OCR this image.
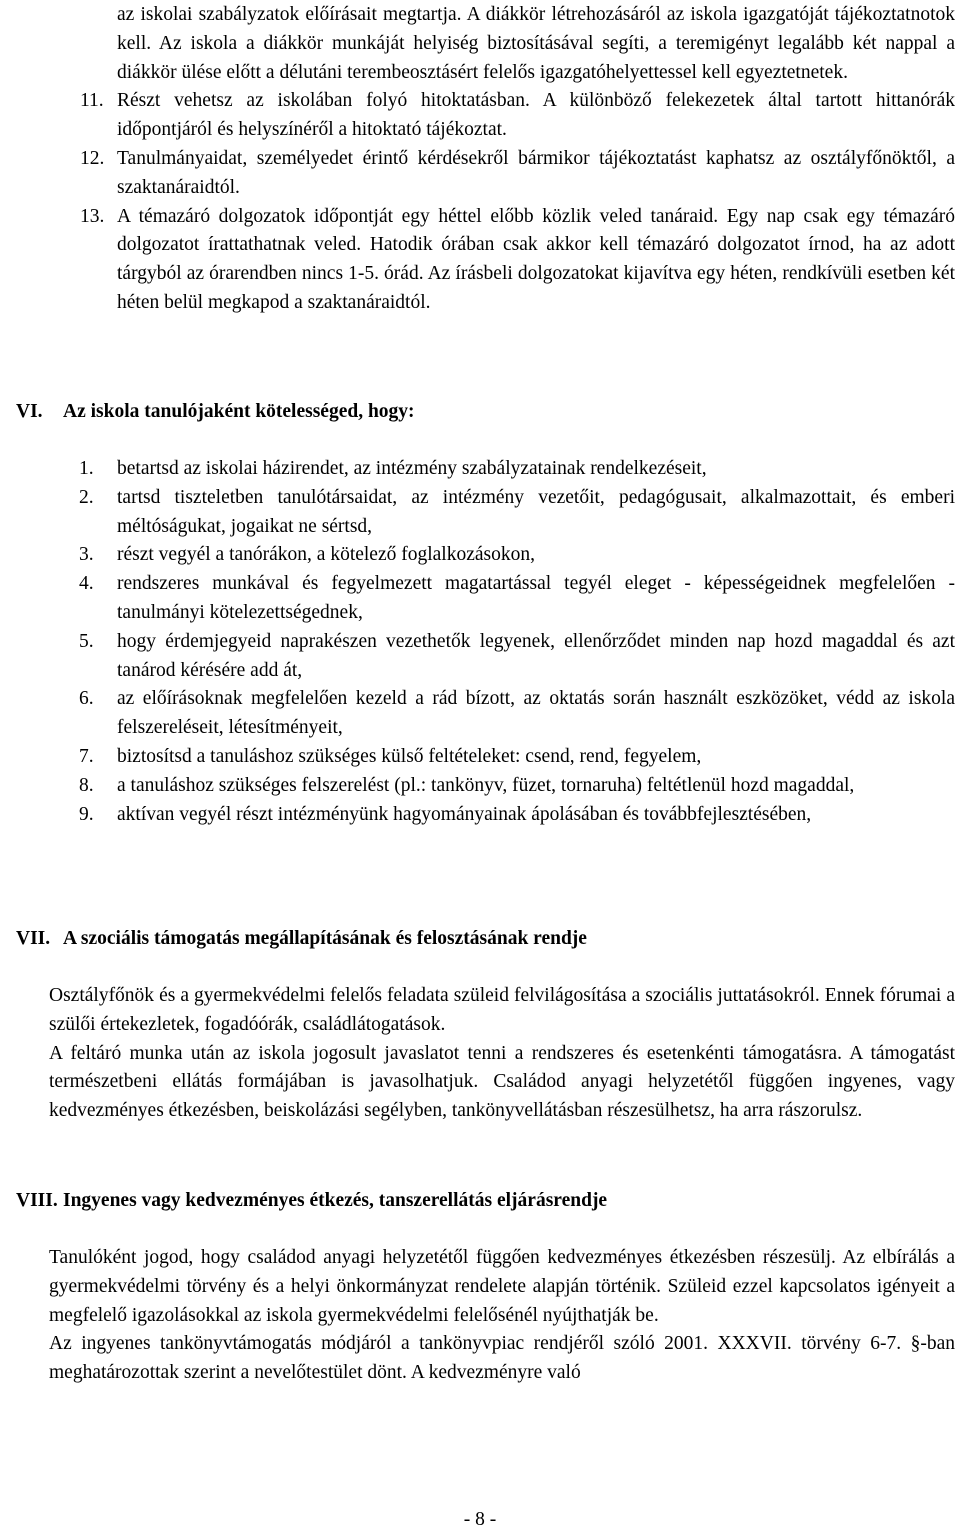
az iskolai szabályzatok előírásait megtartja. A diákkör létrehozásáról az iskola igazgatóját tájékoztatnotok kell. Az iskola a diákkör munkáját helyiség biztosításával segíti, a teremigényt legalább két nappal a diákkör ülése előtt a délutáni terembeosztásért felelős igazgatóhelyettessel kell egyeztetnetek.
11. Részt vehetsz az iskolában folyó hitoktatásban. A különböző felekezetek által tartott hittanórák időpontjáról és helyszínéről a hitoktató tájékoztat.
12. Tanulmányaidat, személyedet érintő kérdésekről bármikor tájékoztatást kaphatsz az osztályfőnöktől, a szaktanáraidtól.
13. A témazáró dolgozatok időpontját egy héttel előbb közlik veled tanáraid. Egy nap csak egy témazáró dolgozatot írattathatnak veled. Hatodik órában csak akkor kell témazáró dolgozatot írnod, ha az adott tárgyból az órarendben nincs 1-5. órád. Az írásbeli dolgozatokat kijavítva egy héten, rendkívüli esetben két héten belül megkapod a szaktanáraidtól.
VI. Az iskola tanulójaként kötelességed, hogy:
1. betartsd az iskolai házirendet, az intézmény szabályzatainak rendelkezéseit,
2. tartsd tiszteletben tanulótársaidat, az intézmény vezetőit, pedagógusait, alkalmazottait, és emberi méltóságukat, jogaikat ne sértsd,
3. részt vegyél a tanórákon, a kötelező foglalkozásokon,
4. rendszeres munkával és fegyelmezett magatartással tegyél eleget - képességeidnek megfelelően - tanulmányi kötelezettségednek,
5. hogy érdemjegyeid naprakészen vezethetők legyenek, ellenőrződet minden nap hozd magaddal és azt tanárod kérésére add át,
6. az előírásoknak megfelelően kezeld a rád bízott, az oktatás során használt eszközöket, védd az iskola felszereléseit, létesítményeit,
7. biztosítsd a tanuláshoz szükséges külső feltételeket: csend, rend, fegyelem,
8. a tanuláshoz szükséges felszerelést (pl.: tankönyv, füzet, tornaruha) feltétlenül hozd magaddal,
9. aktívan vegyél részt intézményünk hagyományainak ápolásában és továbbfejlesztésében,
VII. A szociális támogatás megállapításának és felosztásának rendje
Osztályfőnök és a gyermekvédelmi felelős feladata szüleid felvilágosítása a szociális juttatásokról. Ennek fórumai a szülői értekezletek, fogadóórák, családlátogatások.
A feltáró munka után az iskola jogosult javaslatot tenni a rendszeres és esetenkénti támogatásra. A támogatást természetbeni ellátás formájában is javasolhatjuk. Családod anyagi helyzetétől függően ingyenes, vagy kedvezményes étkezésben, beiskolázási segélyben, tankönyvellátásban részesülhetsz, ha arra rászorulsz.
VIII. Ingyenes vagy kedvezményes étkezés, tanszerellátás eljárásrendje
Tanulóként jogod, hogy családod anyagi helyzetétől függően kedvezményes étkezésben részesülj. Az elbírálás a gyermekvédelmi törvény és a helyi önkormányzat rendelete alapján történik. Szüleid ezzel kapcsolatos igényeit a megfelelő igazolásokkal az iskola gyermekvédelmi felelősénél nyújthatják be.
Az ingyenes tankönyvtámogatás módjáról a tankönyvpiac rendjéről szóló 2001. XXXVII. törvény 6-7. §-ban meghatározottak szerint a nevelőtestület dönt. A kedvezményre való
- 8 -
